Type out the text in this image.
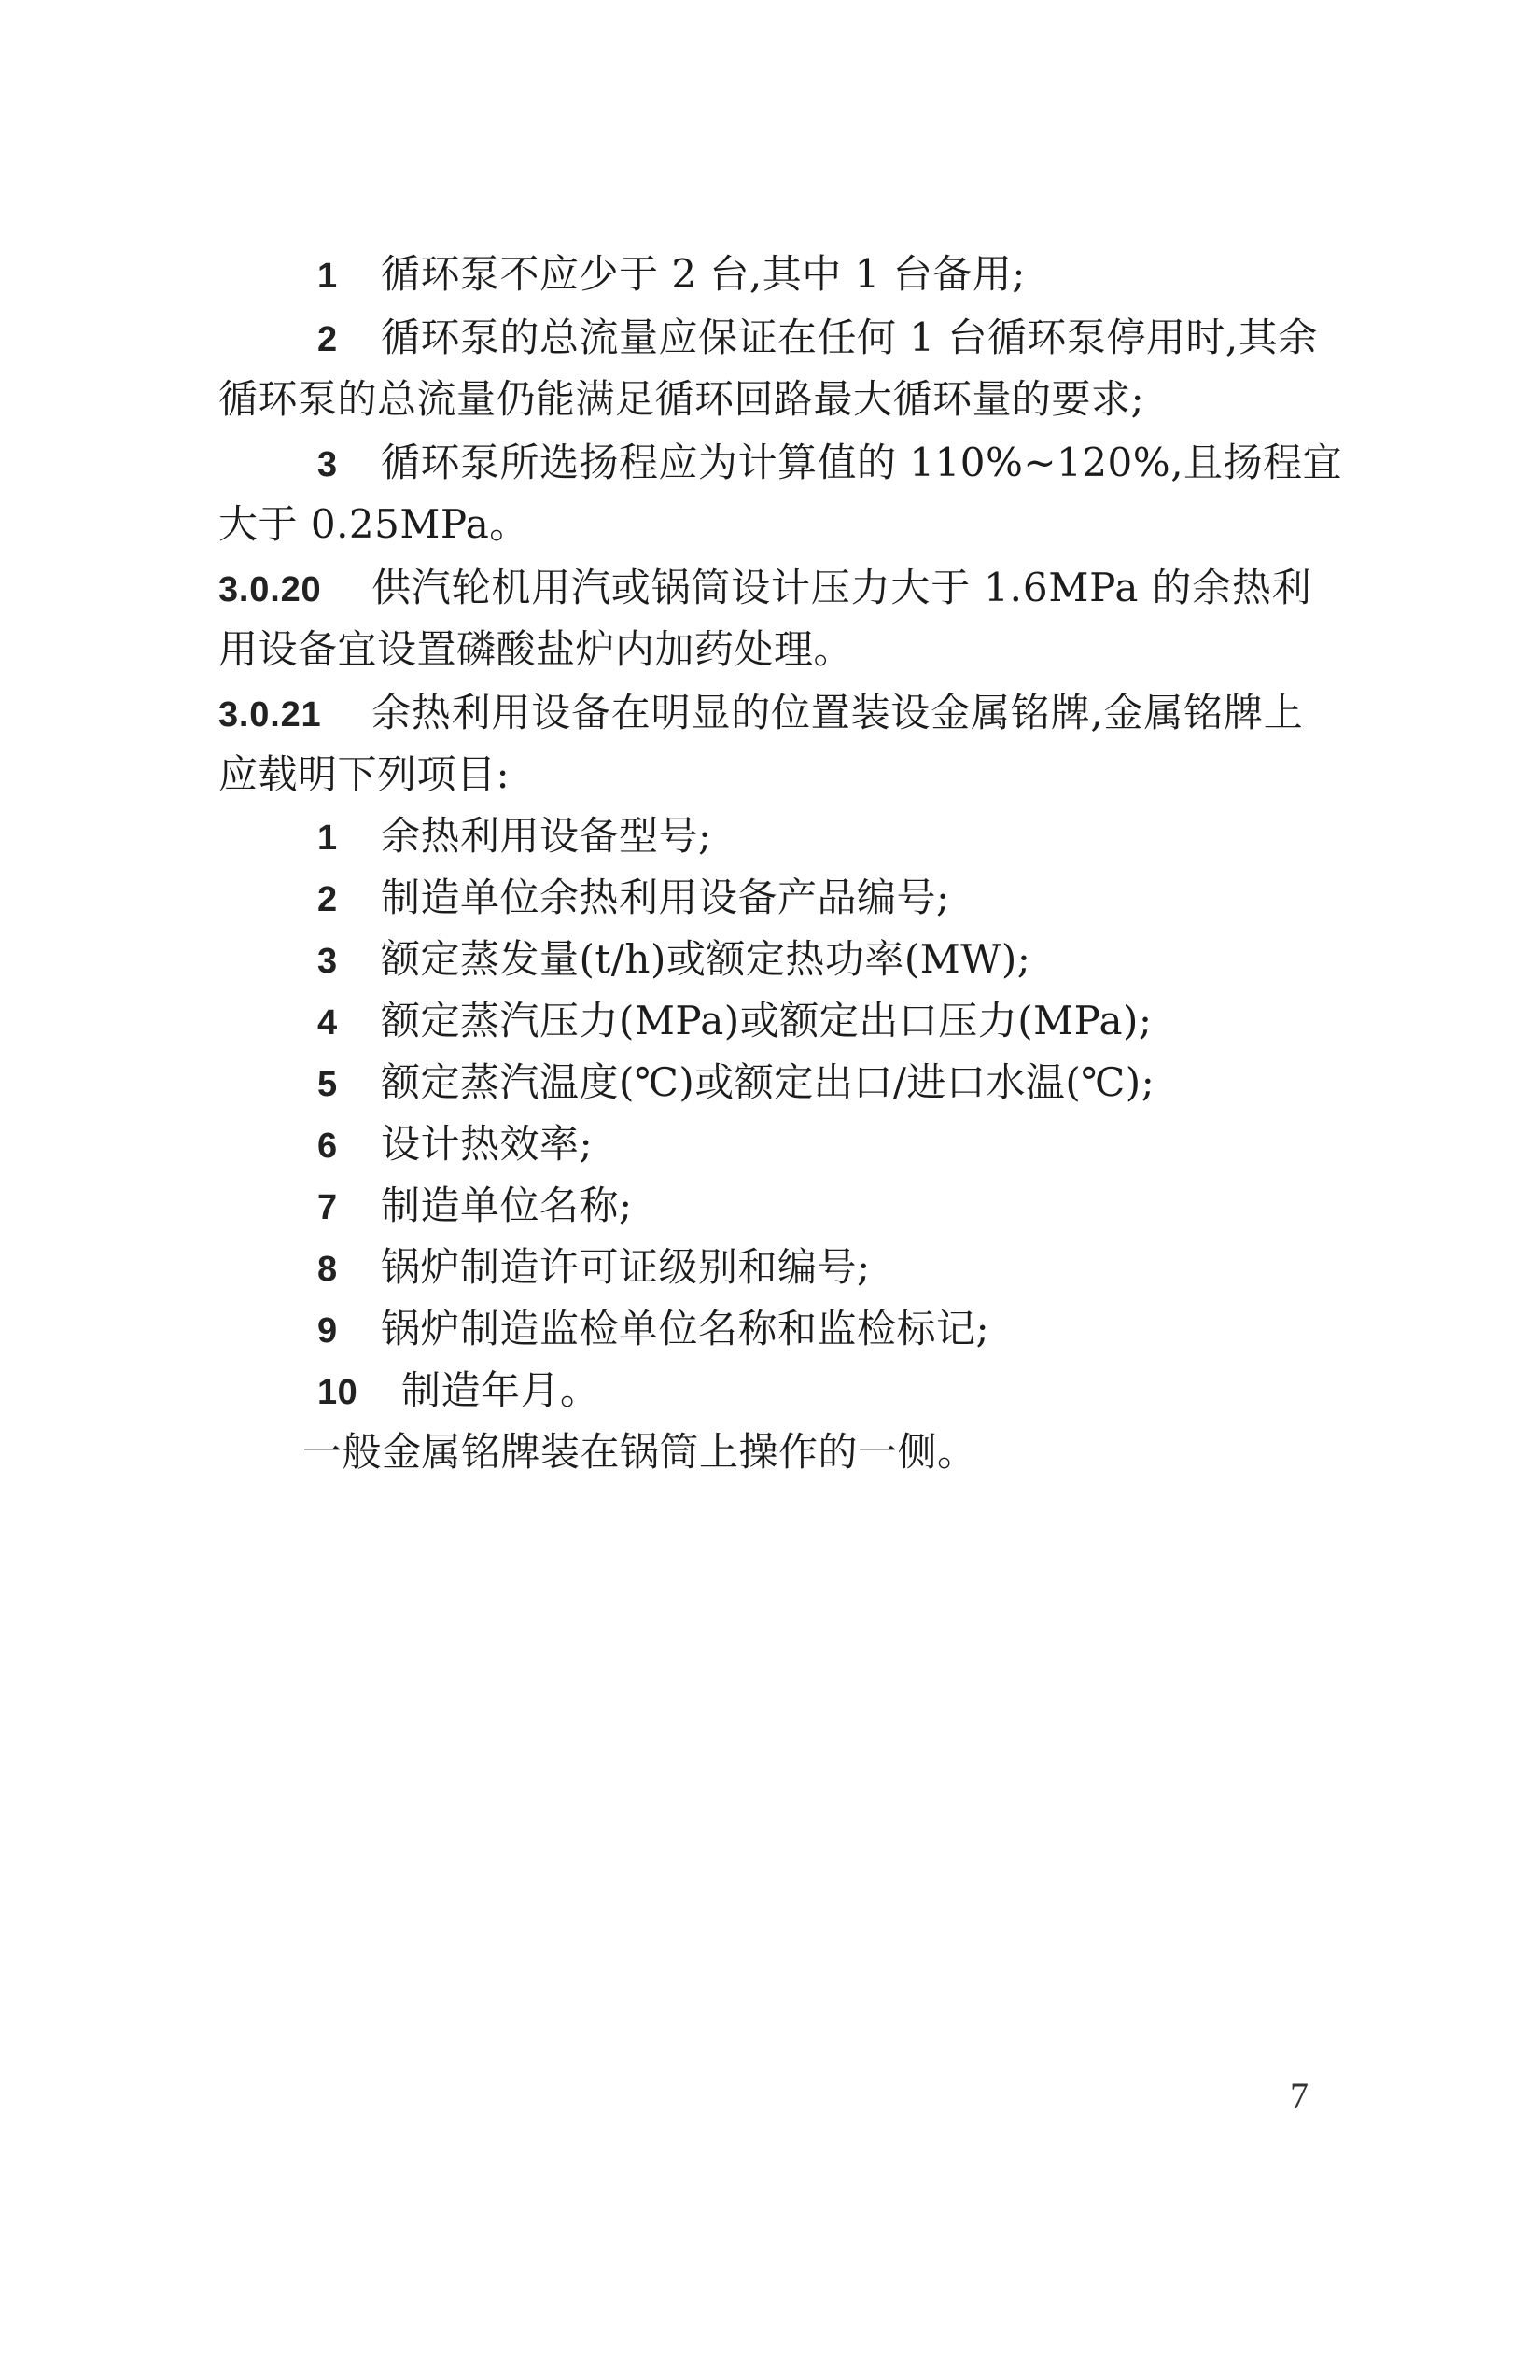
1 循环泵不应少于 2 台,其中 1 台备用;
2 循环泵的总流量应保证在任何 1 台循环泵停用时,其余
循环泵的总流量仍能满足循环回路最大循环量的要求;
3 循环泵所选扬程应为计算值的 110%~120%,且扬程宜
大于 0.25MPa。
3.0.20 供汽轮机用汽或锅筒设计压力大于 1.6MPa 的余热利
用设备宜设置磷酸盐炉内加药处理。
3.0.21 余热利用设备在明显的位置装设金属铭牌,金属铭牌上
应载明下列项目:
1 余热利用设备型号;
2 制造单位余热利用设备产品编号;
3 额定蒸发量(t/h)或额定热功率(MW);
4 额定蒸汽压力(MPa)或额定出口压力(MPa);
5 额定蒸汽温度(℃)或额定出口/进口水温(℃);
6 设计热效率;
7 制造单位名称;
8 锅炉制造许可证级别和编号;
9 锅炉制造监检单位名称和监检标记;
10 制造年月。
一般金属铭牌装在锅筒上操作的一侧。
7
